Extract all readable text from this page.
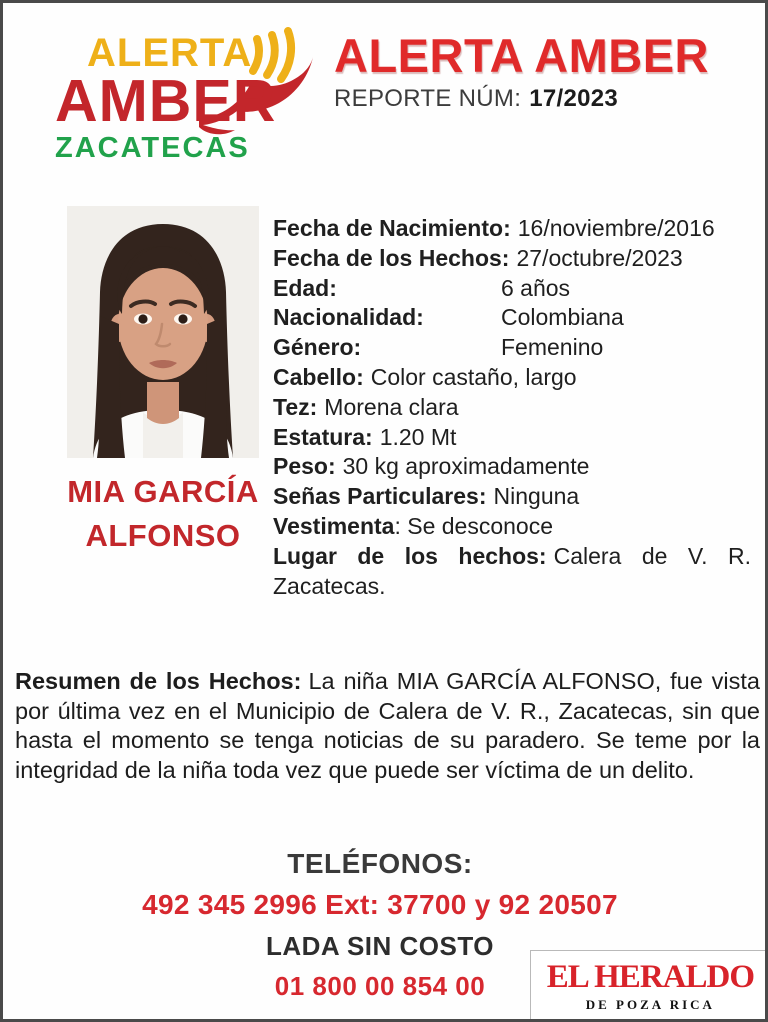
ALERTA
AMBER
ZACATECAS
ALERTA AMBER
REPORTE NÚM: 17/2023
MIA GARCÍA
ALFONSO
Fecha de Nacimiento: 16/noviembre/2016
Fecha de los Hechos: 27/octubre/2023
Edad:	6 años
Nacionalidad:	Colombiana
Género:	Femenino
Cabello: Color castaño, largo
Tez: Morena clara
Estatura: 1.20 Mt
Peso: 30 kg aproximadamente
Señas Particulares: Ninguna
Vestimenta: Se desconoce
Lugar de los hechos: Calera de V. R.
Zacatecas.

Resumen de los Hechos: La niña MIA GARCÍA ALFONSO, fue vista por última vez en el Municipio de Calera de V. R., Zacatecas, sin que hasta el momento se tenga noticias de su paradero. Se teme por la integridad de la niña toda vez que puede ser víctima de un delito.

TELÉFONOS:
492 345 2996 Ext: 37700 y 92 20507
LADA SIN COSTO
01 800 00 854 00	EL HERALDO
DE POZA RICA
